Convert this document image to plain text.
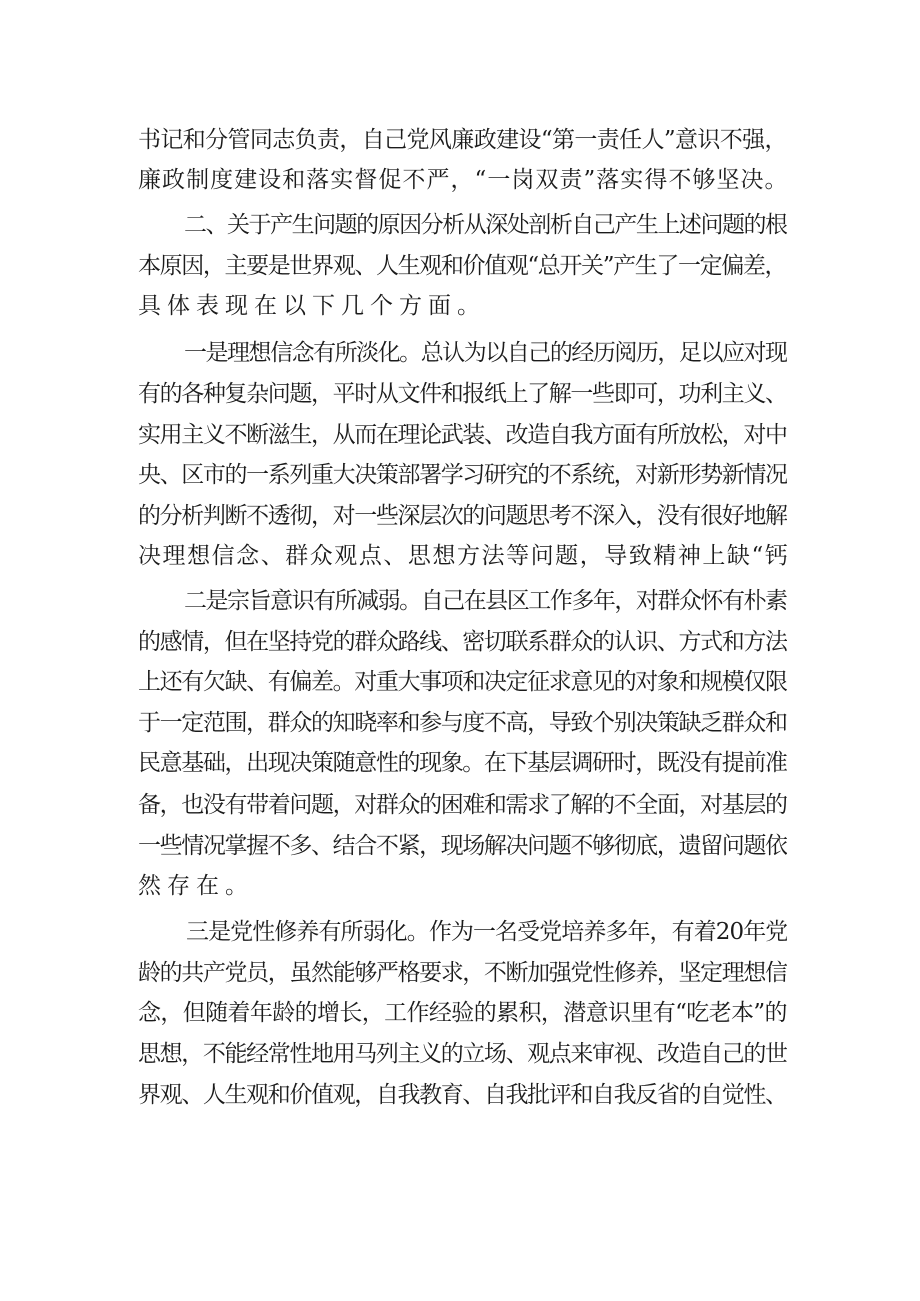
书记和分管同志负责，自己党风廉政建设“第一责任人”意识不强，
廉政制度建设和落实督促不严，“一岗双责”落实得不够坚决。
二、关于产生问题的原因分析从深处剖析自己产生上述问题的根
本原因，主要是世界观、人生观和价值观“总开关”产生了一定偏差，
具体表现在以下几个方面。
一是理想信念有所淡化。总认为以自己的经历阅历，足以应对现
有的各种复杂问题，平时从文件和报纸上了解一些即可，功利主义、
实用主义不断滋生，从而在理论武装、改造自我方面有所放松，对中
央、区市的一系列重大决策部署学习研究的不系统，对新形势新情况
的分析判断不透彻，对一些深层次的问题思考不深入，没有很好地解
决理想信念、群众观点、思想方法等问题，导致精神上缺“钙
二是宗旨意识有所减弱。自己在县区工作多年，对群众怀有朴素
的感情，但在坚持党的群众路线、密切联系群众的认识、方式和方法
上还有欠缺、有偏差。对重大事项和决定征求意见的对象和规模仅限
于一定范围，群众的知晓率和参与度不高，导致个别决策缺乏群众和
民意基础，出现决策随意性的现象。在下基层调研时，既没有提前准
备，也没有带着问题，对群众的困难和需求了解的不全面，对基层的
一些情况掌握不多、结合不紧，现场解决问题不够彻底，遗留问题依
然存在。
三是党性修养有所弱化。作为一名受党培养多年，有着20年党
龄的共产党员，虽然能够严格要求，不断加强党性修养，坚定理想信
念，但随着年龄的增长，工作经验的累积，潜意识里有“吃老本”的
思想，不能经常性地用马列主义的立场、观点来审视、改造自己的世
界观、人生观和价值观，自我教育、自我批评和自我反省的自觉性、
